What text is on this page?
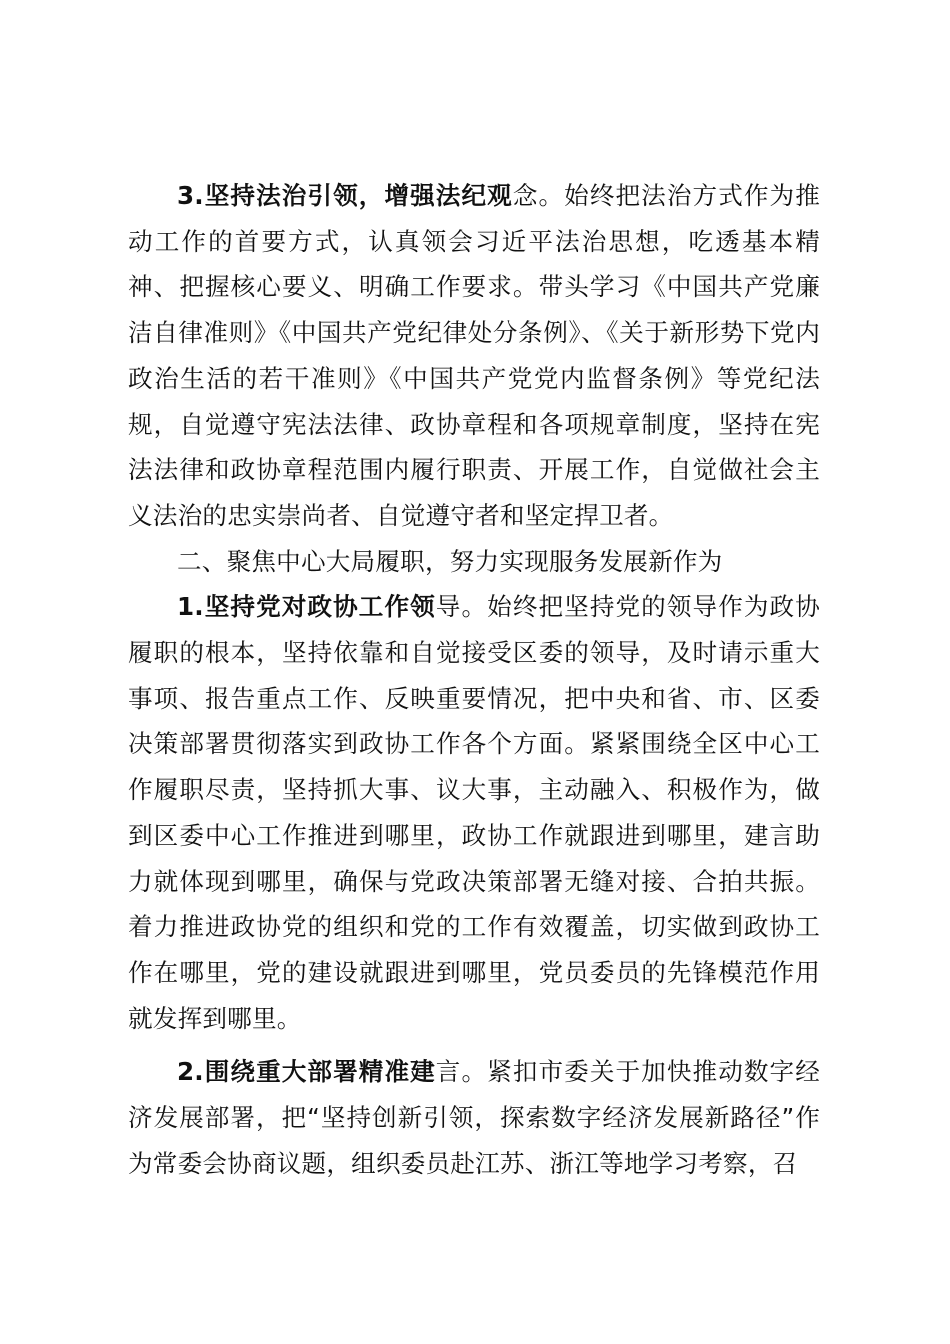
3.坚持法治引领，增强法纪观念。始终把法治方式作为推动工作的首要方式，认真领会习近平法治思想，吃透基本精神、把握核心要义、明确工作要求。带头学习《中国共产党廉洁自律准则》《中国共产党纪律处分条例》、《关于新形势下党内政治生活的若干准则》《中国共产党党内监督条例》等党纪法规，自觉遵守宪法法律、政协章程和各项规章制度，坚持在宪法法律和政协章程范围内履行职责、开展工作，自觉做社会主义法治的忠实崇尚者、自觉遵守者和坚定捍卫者。

二、聚焦中心大局履职，努力实现服务发展新作为

1.坚持党对政协工作领导。始终把坚持党的领导作为政协履职的根本，坚持依靠和自觉接受区委的领导，及时请示重大事项、报告重点工作、反映重要情况，把中央和省、市、区委决策部署贯彻落实到政协工作各个方面。紧紧围绕全区中心工作履职尽责，坚持抓大事、议大事，主动融入、积极作为，做到区委中心工作推进到哪里，政协工作就跟进到哪里，建言助力就体现到哪里，确保与党政决策部署无缝对接、合拍共振。着力推进政协党的组织和党的工作有效覆盖，切实做到政协工作在哪里，党的建设就跟进到哪里，党员委员的先锋模范作用就发挥到哪里。

2.围绕重大部署精准建言。紧扣市委关于加快推动数字经济发展部署，把“坚持创新引领，探索数字经济发展新路径”作为常委会协商议题，组织委员赴江苏、浙江等地学习考察，召
